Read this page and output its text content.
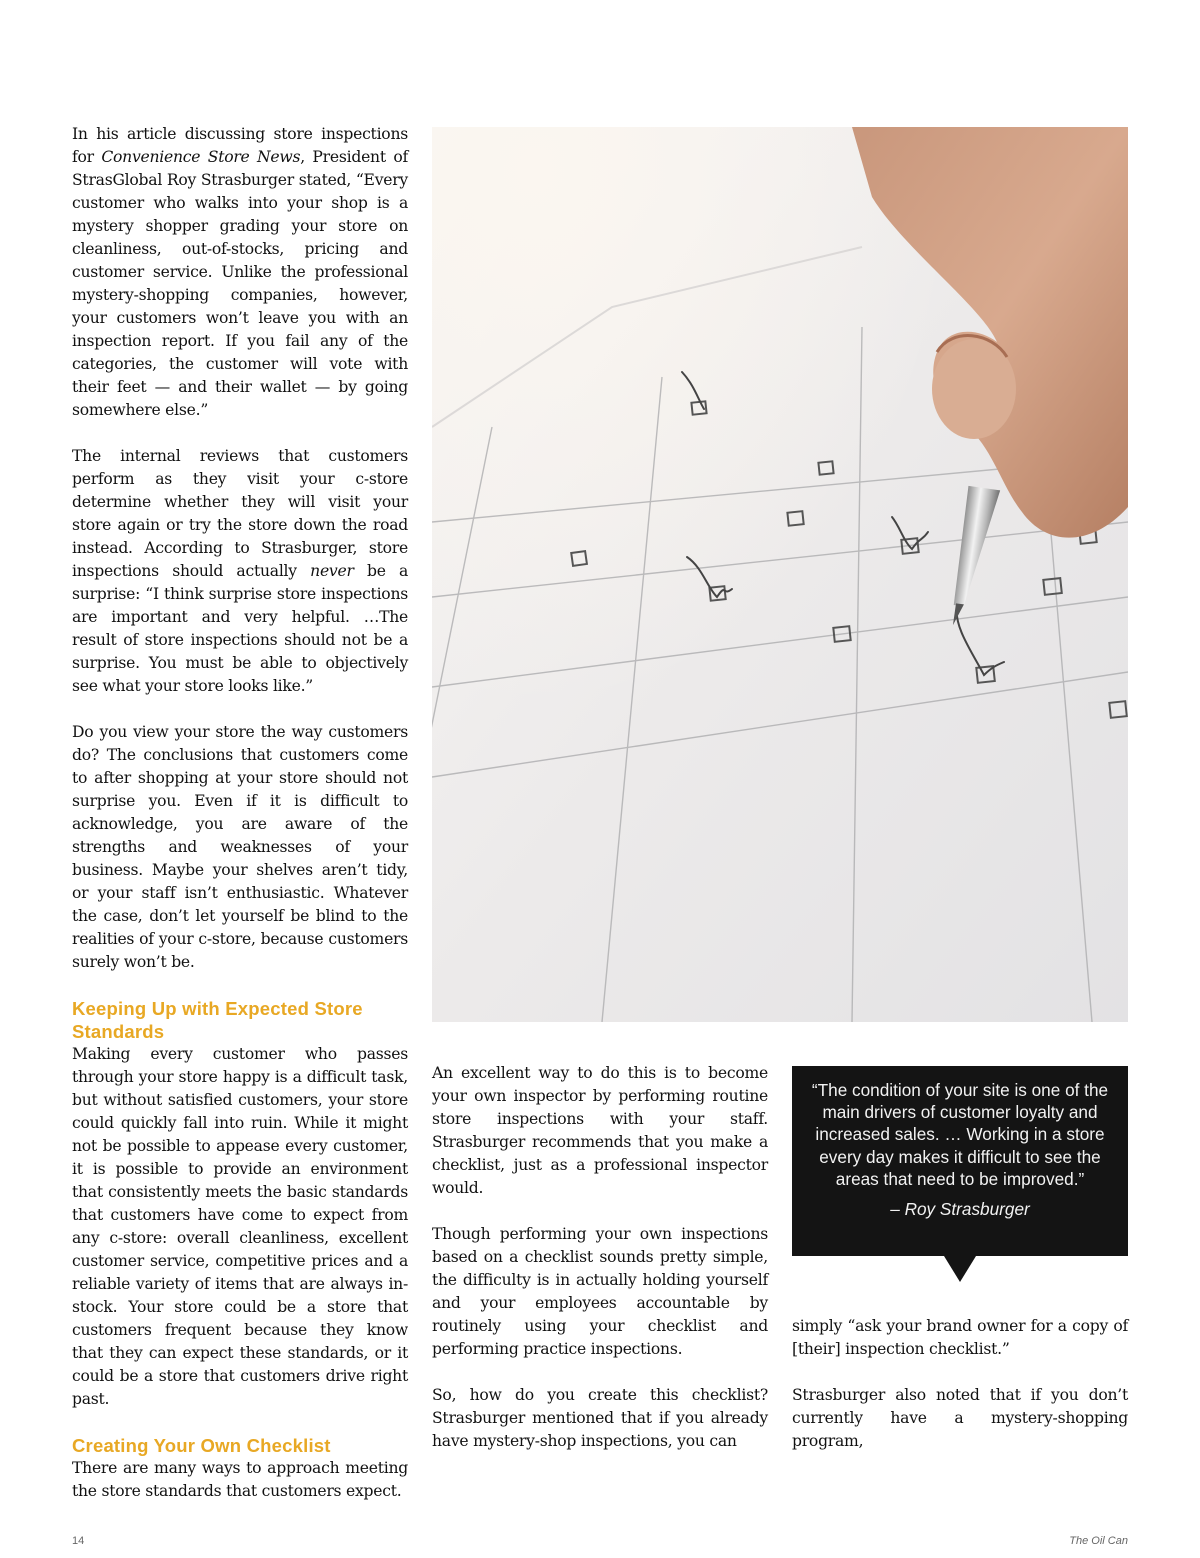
In his article discussing store inspections for Convenience Store News, President of StrasGlobal Roy Strasburger stated, “Every customer who walks into your shop is a mystery shopper grading your store on cleanliness, out-of-stocks, pricing and customer service. Unlike the professional mystery-shopping companies, however, your customers won’t leave you with an inspection report. If you fail any of the categories, the customer will vote with their feet — and their wallet — by going somewhere else.”

The internal reviews that customers perform as they visit your c-store determine whether they will visit your store again or try the store down the road instead. According to Strasburger, store inspections should actually never be a surprise: “I think surprise store inspections are important and very helpful. …The result of store inspections should not be a surprise. You must be able to objectively see what your store looks like.”

Do you view your store the way customers do? The conclusions that customers come to after shopping at your store should not surprise you. Even if it is difficult to acknowledge, you are aware of the strengths and weaknesses of your business. Maybe your shelves aren’t tidy, or your staff isn’t enthusiastic. Whatever the case, don’t let yourself be blind to the realities of your c-store, because customers surely won’t be.

Keeping Up with Expected Store Standards

Making every customer who passes through your store happy is a difficult task, but without satisfied customers, your store could quickly fall into ruin. While it might not be possible to appease every customer, it is possible to provide an environment that consistently meets the basic standards that customers have come to expect from any c-store: overall cleanliness, excellent customer service, competitive prices and a reliable variety of items that are always in-stock. Your store could be a store that customers frequent because they know that they can expect these standards, or it could be a store that customers drive right past.

Creating Your Own Checklist

There are many ways to approach meeting the store standards that customers expect.

An excellent way to do this is to become your own inspector by performing routine store inspections with your staff. Strasburger recommends that you make a checklist, just as a professional inspector would.

Though performing your own inspections based on a checklist sounds pretty simple, the difficulty is in actually holding yourself and your employees accountable by routinely using your checklist and performing practice inspections.

So, how do you create this checklist? Strasburger mentioned that if you already have mystery-shop inspections, you can

“The condition of your site is one of the main drivers of customer loyalty and increased sales. … Working in a store every day makes it difficult to see the areas that need to be improved.”
– Roy Strasburger

simply “ask your brand owner for a copy of [their] inspection checklist.”

Strasburger also noted that if you don’t currently have a mystery-shopping program,

14	The Oil Can
